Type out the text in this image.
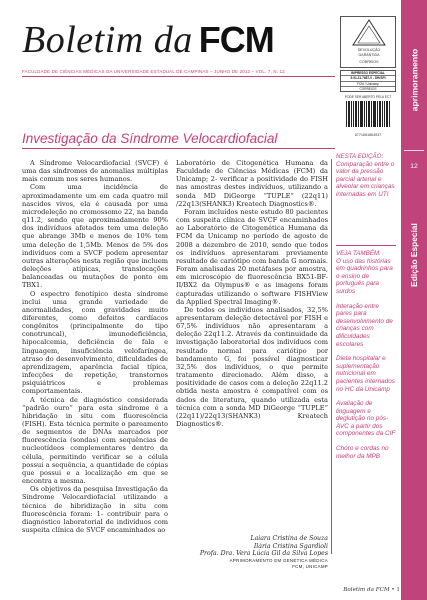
Boletim da FCM
FACULDADE DE CIÊNCIAS MÉDICAS DA UNIVERSIDADE ESTADUAL DE CAMPINAS – JUNHO DE 2012 – VOL. 7, N. 12
DEVOLUÇÃO
GARANTIDA
CORREIOS
IMPRESSO ESPECIAL
9.91.21.7687-0 - DR/SPI
FCM / Unicamp
CORREIOS
PODE SER ABERTO PELA ECT
9771981864037
Investigação da Síndrome Velocardiofacial

A Síndrome Velocardiofacial (SVCF) é uma das síndromes de anomalias múltiplas mais comum nos seres humanos.

Com uma incidência de aproximadamente um em cada quatro mil nascidos vivos, ela é causada por uma microdeleção no cromossomo 22, na banda q11.2, sendo que aproximadamente 90% dos indivíduos afetados tem uma deleção que abrange 3Mb e menos de 10% tem uma deleção de 1,5Mb. Menos de 5% dos indivíduos com a SVCF podem apresentar outras alterações nesta região que incluem deleções atípicas, translocações balanceadas ou mutações de ponto em TBX1.

O espectro fenotípico desta síndrome inclui uma grande variedade de anormalidades, com gravidades muito diferentes, como defeitos cardíacos congênitos (principalmente do tipo conotruncal), imunodeficiência, hipocalcemia, deficiência de fala e linguagem, insuficiência velofaríngea, atraso do desenvolvimento, dificuldades de aprendizagem, aparência facial típica, infecções de repetição, transtornos psiquiátricos e problemas comportamentais.

A técnica de diagnóstico considerada “padrão ouro” para esta síndrome é a hibridação in situ com fluorescência (FISH). Esta técnica permite o pareamento de segmentos de DNAs marcados por fluorescência (sondas) com sequências de nucleotídeos complementares dentro da célula, permitindo verificar se a célula possui a sequência, a quantidade de cópias que possui e a localização em que se encontra a mesma.

Os objetivos da pesquisa Investigação da Síndrome Velocardiofacial utilizando a técnica de hibridização in situ com fluorescência foram: 1- contribuir para o diagnóstico laboratorial de indivíduos com suspeita clínica de SVCF encaminhados ao

Laboratório de Citogenética Humana da Faculdade de Ciências Médicas (FCM) da Unicamp; 2- verificar a positividade do FISH nas amostras destes indivíduos, utilizando a sonda MD DiGeorge “TUPLE” (22q11) /22q13(SHANK3) Kreatech Diagnostics®.

Foram incluídos neste estudo 80 pacientes com suspeita clínica de SVCF encaminhados ao Laboratório de Citogenética Humana da FCM da Unicamp no período de agosto de 2008 a dezembro de 2010, sendo que todos os indivíduos apresentaram previamente resultado de cariótipo com banda G normais. Foram analisadas 20 metáfases por amostra, em microscópio de fluorescência BX51-BF-II/BX2 da Olympus® e as imagens foram capturadas utilizando o software FISHView da Applied Spectral Imaging®.

De todos os indivíduos analisados, 32,5% apresentaram deleção detectável por FISH e 67,5% indivíduos não apresentaram a deleção 22q11.2. Através da continuidade da investigação laboratorial dos indivíduos com resultado normal para cariótipo por bandamento G, foi possível diagnosticar 32,5% dos indivíduos, o que permite tratamento direcionado. Além disso, a positividade de casos com a deleção 22q11.2 obtida nesta amostra é compatível com os dados de literatura, quando utilizada esta técnica com a sonda MD DiGeorge “TUPLE” (22q11)/22q13(SHANK3) Kreatech Diagnostics®.

Laiara Cristina de Souza
Ilária Cristina Sgardioli
Profa. Dra. Vera Lúcia Gil da Silva Lopes
APRIMORAMENTO EM GENÉTICA MÉDICA
FCM, UNICAMP
NESTA EDIÇÃO:
Comparação entre o valor da pressão parcial arterial e alveolar em crianças internadas em UTI
VEJA TAMBÉM:
O uso das histórias em quadrinhos para o ensino de português para surdos
Interação entre pares para desenvolvimento de crianças com dificuldades escolares
Dieta hospitalar e suplementação nutricional em pacientes internados no HC da Unicamp
Avaliação de linguagem e deglutição no pós-AVC a partir dos componentes da CIF
Choro e cordas no melhor da MPB
aprimoramento
12
Edição Especial
Boletim da FCM • 1
